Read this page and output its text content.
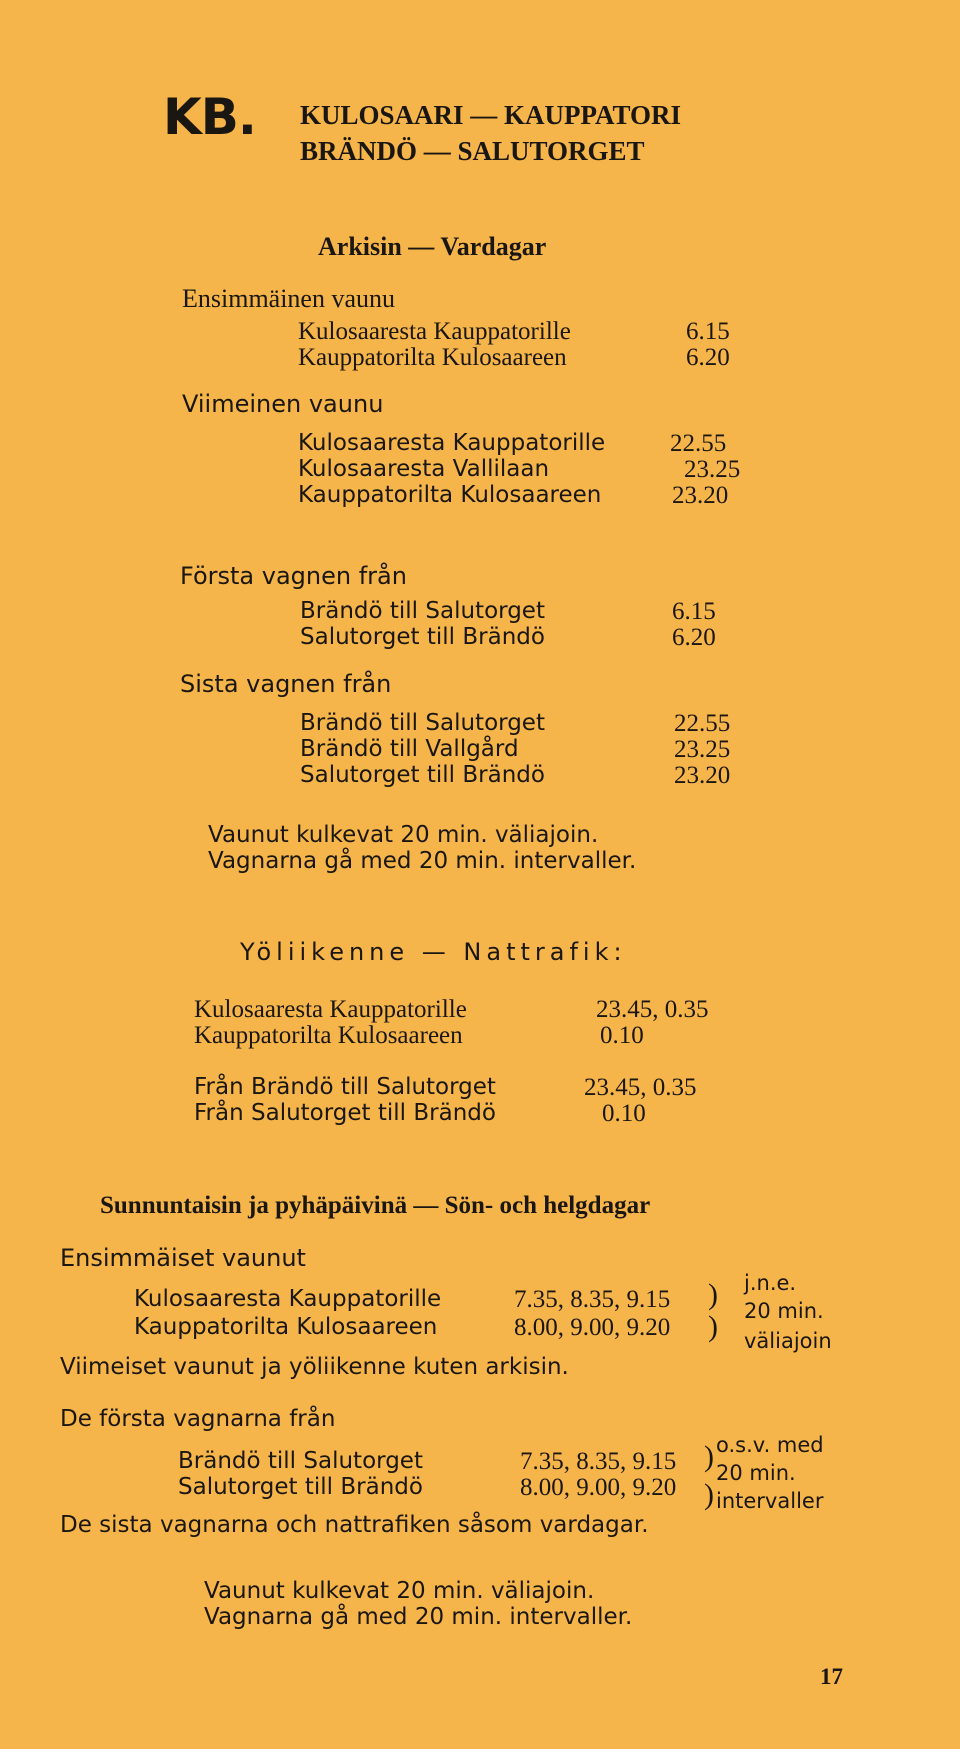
KB. KULOSAARI — KAUPPATORI
BRÄNDÖ — SALUTORGET
Arkisin — Vardagar
Ensimmäinen vaunu
Kulosaaresta Kauppatorille	6.15
Kauppatorilta Kulosaareen	6.20
Viimeinen vaunu
Kulosaaresta Kauppatorille	22.55
Kulosaaresta Vallilaan	23.25
Kauppatorilta Kulosaareen	23.20
Första vagnen från
Brändö till Salutorget	6.15
Salutorget till Brändö	6.20
Sista vagnen från
Brändö till Salutorget	22.55
Brändö till Vallgård	23.25
Salutorget till Brändö	23.20
Vaunut kulkevat 20 min. väliajoin.
Vagnarna gå med 20 min. intervaller.
Yöliikenne — Nattrafik:
Kulosaaresta Kauppatorille	23.45, 0.35
Kauppatorilta Kulosaareen	0.10
Från Brändö till Salutorget	23.45, 0.35
Från Salutorget till Brändö	0.10
Sunnuntaisin ja pyhäpäivinä — Sön- och helgdagar
Ensimmäiset vaunut
Kulosaaresta Kauppatorille	7.35, 8.35, 9.15
Kauppatorilta Kulosaareen	8.00, 9.00, 9.20
)
)
j.n.e.
20 min.
väliajoin
Viimeiset vaunut ja yöliikenne kuten arkisin.
De första vagnarna från
Brändö till Salutorget	7.35, 8.35, 9.15
Salutorget till Brändö	8.00, 9.00, 9.20
)
)
o.s.v. med
20 min.
intervaller
De sista vagnarna och nattrafiken såsom vardagar.
Vaunut kulkevat 20 min. väliajoin.
Vagnarna gå med 20 min. intervaller.
17
